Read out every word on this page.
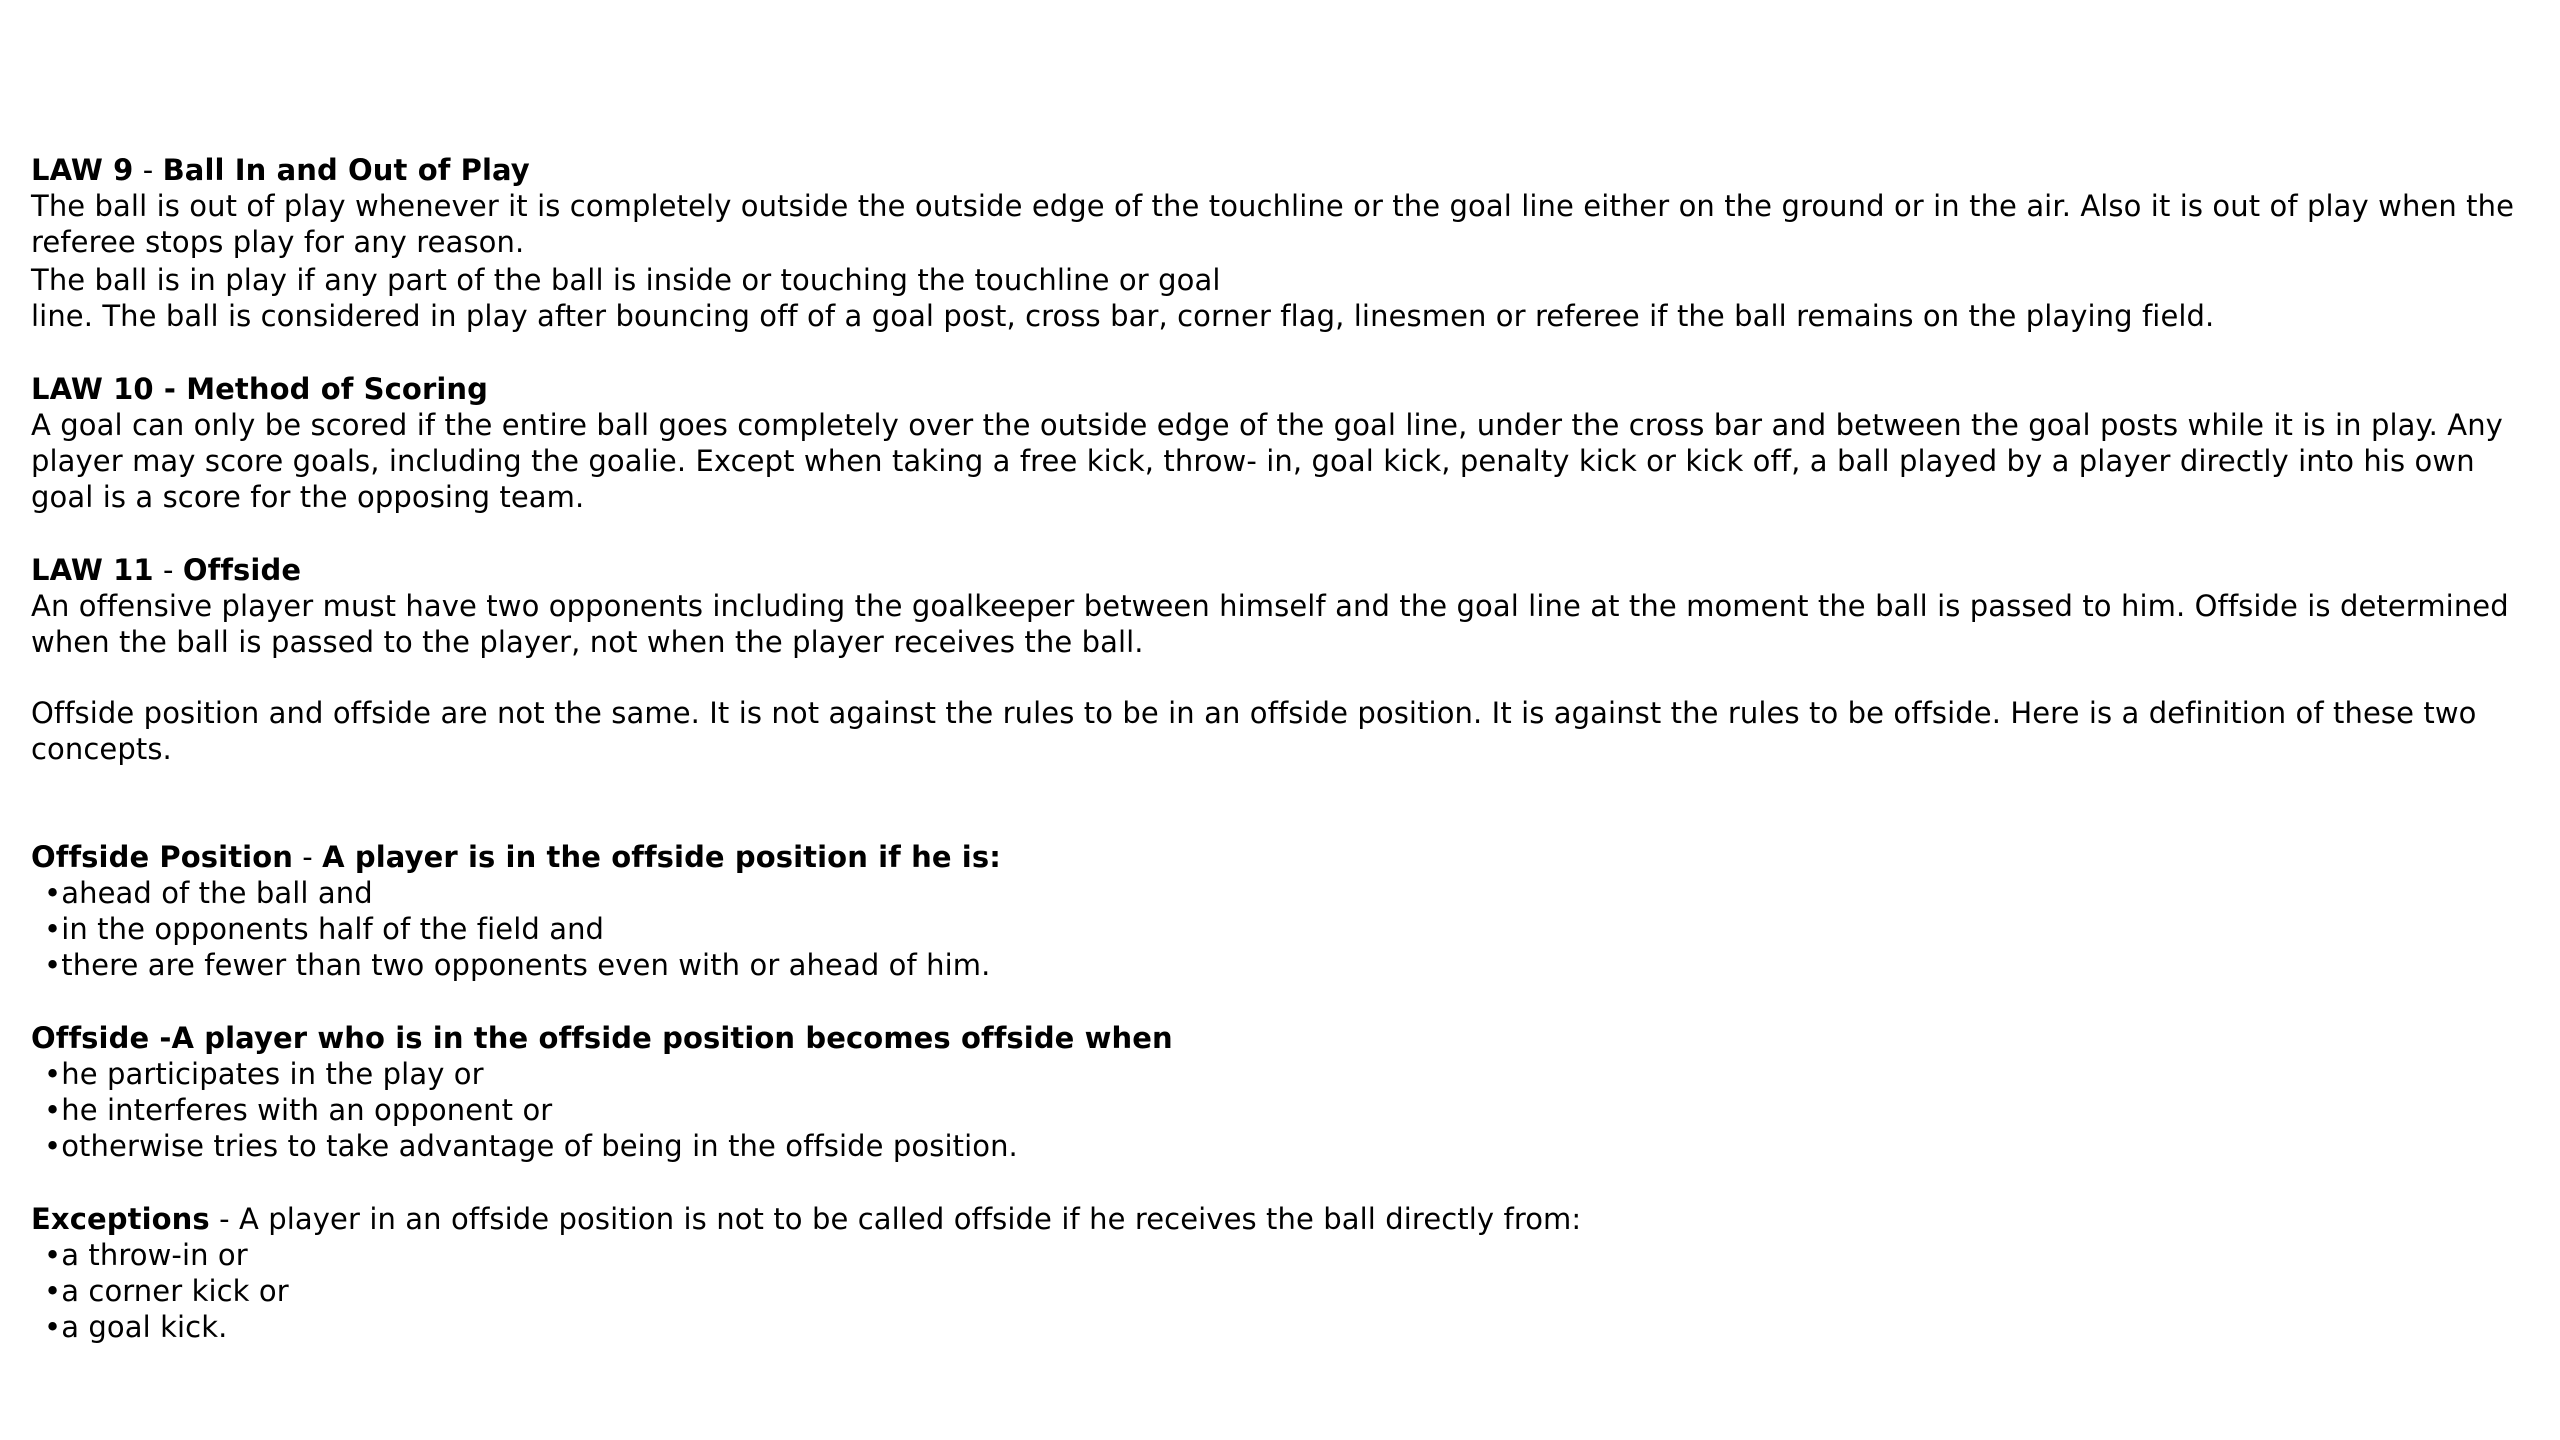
LAW 9 - Ball In and Out of Play

The ball is out of play whenever it is completely outside the outside edge of the touchline or the goal line either on the ground or in the air. Also it is out of play when the referee stops play for any reason.

The ball is in play if any part of the ball is inside or touching the touchline or goal

line. The ball is considered in play after bouncing off of a goal post, cross bar, corner flag, linesmen or referee if the ball remains on the playing field.

LAW 10 - Method of Scoring

A goal can only be scored if the entire ball goes completely over the outside edge of the goal line, under the cross bar and between the goal posts while it is in play. Any player may score goals, including the goalie. Except when taking a free kick, throw- in, goal kick, penalty kick or kick off, a ball played by a player directly into his own goal is a score for the opposing team.

LAW 11 - Offside

An offensive player must have two opponents including the goalkeeper between himself and the goal line at the moment the ball is passed to him. Offside is determined when the ball is passed to the player, not when the player receives the ball.

Offside position and offside are not the same. It is not against the rules to be in an offside position. It is against the rules to be offside. Here is a definition of these two concepts.

Offside Position - A player is in the offside position if he is:
•ahead of the ball and
•in the opponents half of the field and
•there are fewer than two opponents even with or ahead of him.
Offside -A player who is in the offside position becomes offside when
•he participates in the play or
•he interferes with an opponent or
•otherwise tries to take advantage of being in the offside position.
Exceptions - A player in an offside position is not to be called offside if he receives the ball directly from:
•a throw-in or
•a corner kick or
•a goal kick.
